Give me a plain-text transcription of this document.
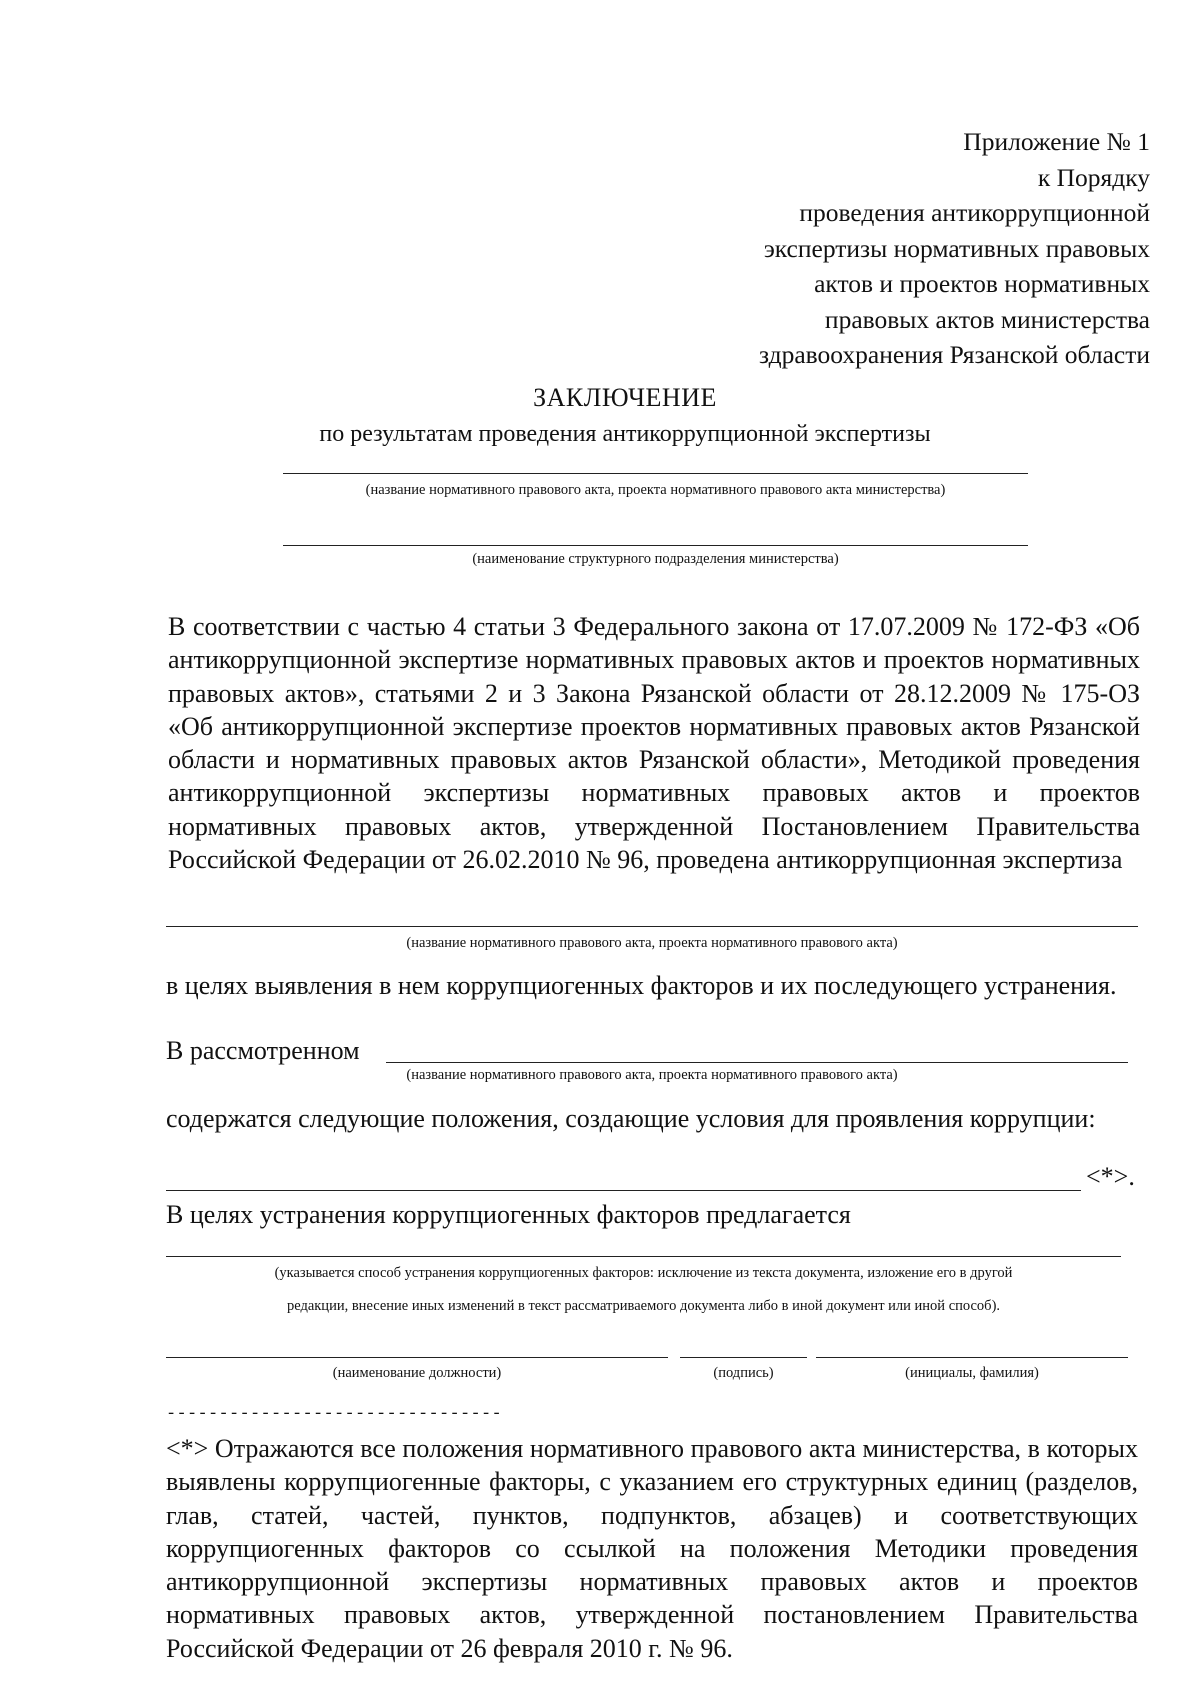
Приложение № 1
к Порядку
проведения антикоррупционной
экспертизы нормативных правовых
актов и проектов нормативных
правовых актов министерства
здравоохранения Рязанской области
ЗАКЛЮЧЕНИЕ
по результатам проведения антикоррупционной экспертизы
(название нормативного правового акта, проекта нормативного правового акта министерства)
(наименование структурного подразделения министерства)
В соответствии с частью 4 статьи 3 Федерального закона от 17.07.2009 № 172-ФЗ «Об антикоррупционной экспертизе нормативных правовых актов и проектов нормативных правовых актов», статьями 2 и 3 Закона Рязанской области от 28.12.2009 № 175-ОЗ «Об антикоррупционной экспертизе проектов нормативных правовых актов Рязанской области и нормативных правовых актов Рязанской области», Методикой проведения антикоррупционной экспертизы нормативных правовых актов и проектов нормативных правовых актов, утвержденной Постановлением Правительства Российской Федерации от 26.02.2010 № 96, проведена антикоррупционная экспертиза
(название нормативного правового акта, проекта нормативного правового акта)
в целях выявления в нем коррупциогенных факторов и их последующего устранения.
В рассмотренном
(название нормативного правового акта, проекта нормативного правового акта)
содержатся следующие положения, создающие условия для проявления коррупции:
<*>.
В целях устранения коррупциогенных факторов предлагается
(указывается способ устранения коррупциогенных факторов: исключение из текста документа, изложение его в другой
редакции, внесение иных изменений в текст рассматриваемого документа либо в иной документ или иной способ).
(наименование должности)	(подпись)	(инициалы, фамилия)
--------------------------------
<*> Отражаются все положения нормативного правового акта министерства, в которых выявлены коррупциогенные факторы, с указанием его структурных единиц (разделов, глав, статей, частей, пунктов, подпунктов, абзацев) и соответствующих коррупциогенных факторов со ссылкой на положения Методики проведения антикоррупционной экспертизы нормативных правовых актов и проектов нормативных правовых актов, утвержденной постановлением Правительства Российской Федерации от 26 февраля 2010 г. № 96.
